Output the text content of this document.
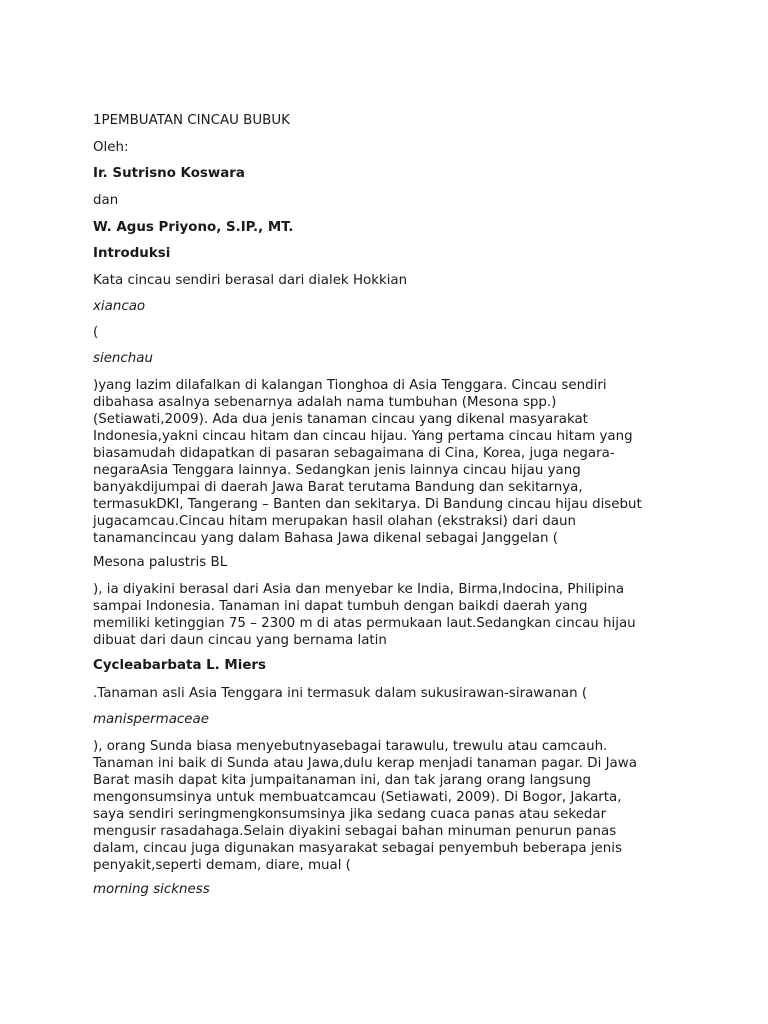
1PEMBUATAN CINCAU BUBUK

Oleh:

Ir. Sutrisno Koswara

dan

W. Agus Priyono, S.IP., MT.

Introduksi

Kata cincau sendiri berasal dari dialek Hokkian

xiancao

(

sienchau

)yang lazim dilafalkan di kalangan Tionghoa di Asia Tenggara. Cincau sendiri
dibahasa asalnya sebenarnya adalah nama tumbuhan (Mesona spp.)
(Setiawati,2009). Ada dua jenis tanaman cincau yang dikenal masyarakat
Indonesia,yakni cincau hitam dan cincau hijau. Yang pertama cincau hitam yang
biasamudah didapatkan di pasaran sebagaimana di Cina, Korea, juga negara-
negaraAsia Tenggara lainnya. Sedangkan jenis lainnya cincau hijau yang
banyakdijumpai di daerah Jawa Barat terutama Bandung dan sekitarnya,
termasukDKI, Tangerang – Banten dan sekitarya. Di Bandung cincau hijau disebut
jugacamcau.Cincau hitam merupakan hasil olahan (ekstraksi) dari daun
tanamancincau yang dalam Bahasa Jawa dikenal sebagai Janggelan (

Mesona palustris BL

), ia diyakini berasal dari Asia dan menyebar ke India, Birma,Indocina, Philipina
sampai Indonesia. Tanaman ini dapat tumbuh dengan baikdi daerah yang
memiliki ketinggian 75 – 2300 m di atas permukaan laut.Sedangkan cincau hijau
dibuat dari daun cincau yang bernama latin

Cycleabarbata L. Miers

.Tanaman asli Asia Tenggara ini termasuk dalam sukusirawan-sirawanan (

manispermaceae

), orang Sunda biasa menyebutnyasebagai tarawulu, trewulu atau camcauh.
Tanaman ini baik di Sunda atau Jawa,dulu kerap menjadi tanaman pagar. Di Jawa
Barat masih dapat kita jumpaitanaman ini, dan tak jarang orang langsung
mengonsumsinya untuk membuatcamcau (Setiawati, 2009). Di Bogor, Jakarta,
saya sendiri seringmengkonsumsinya jika sedang cuaca panas atau sekedar
mengusir rasadahaga.Selain diyakini sebagai bahan minuman penurun panas
dalam, cincau juga digunakan masyarakat sebagai penyembuh beberapa jenis
penyakit,seperti demam, diare, mual (

morning sickness
